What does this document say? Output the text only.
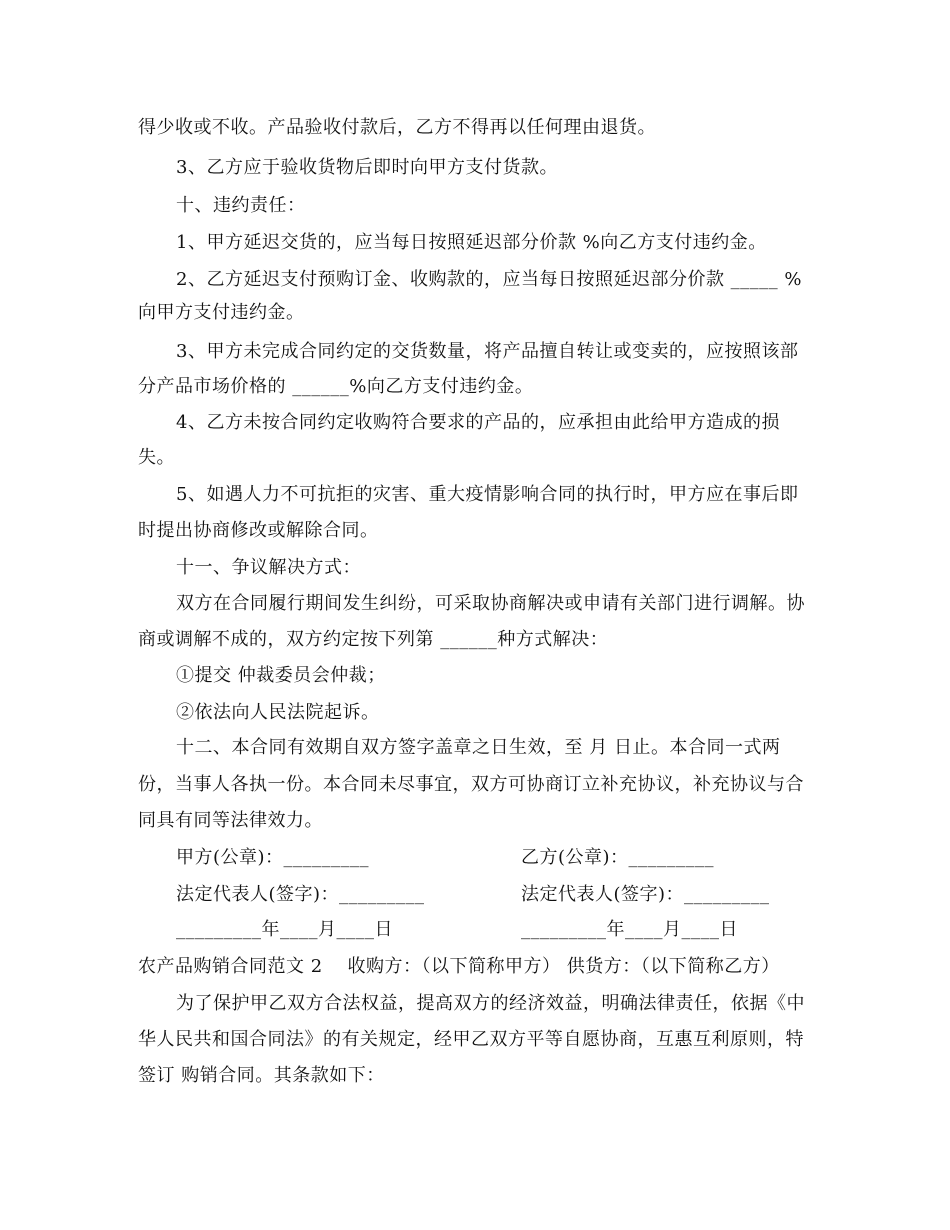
得少收或不收。产品验收付款后，乙方不得再以任何理由退货。
3、乙方应于验收货物后即时向甲方支付货款。
十、违约责任：
1、甲方延迟交货的，应当每日按照延迟部分价款 %向乙方支付违约金。
2、乙方延迟支付预购订金、收购款的，应当每日按照延迟部分价款 _____ %
向甲方支付违约金。
3、甲方未完成合同约定的交货数量，将产品擅自转让或变卖的，应按照该部
分产品市场价格的 ______%向乙方支付违约金。
4、乙方未按合同约定收购符合要求的产品的，应承担由此给甲方造成的损
失。
5、如遇人力不可抗拒的灾害、重大疫情影响合同的执行时，甲方应在事后即
时提出协商修改或解除合同。
十一、争议解决方式：
双方在合同履行期间发生纠纷，可采取协商解决或申请有关部门进行调解。协
商或调解不成的，双方约定按下列第 ______种方式解决：
①提交 仲裁委员会仲裁；
②依法向人民法院起诉。
十二、本合同有效期自双方签字盖章之日生效，至 月 日止。本合同一式两
份，当事人各执一份。本合同未尽事宜，双方可协商订立补充协议，补充协议与合
同具有同等法律效力。
甲方(公章)：_________	乙方(公章)：_________
法定代表人(签字)：_________	法定代表人(签字)：_________
_________年____月____日	_________年____月____日
农产品购销合同范文 2    收购方：（以下简称甲方） 供货方：（以下简称乙方）
为了保护甲乙双方合法权益，提高双方的经济效益，明确法律责任，依据《中
华人民共和国合同法》的有关规定，经甲乙双方平等自愿协商，互惠互利原则，特
签订 购销合同。其条款如下：
